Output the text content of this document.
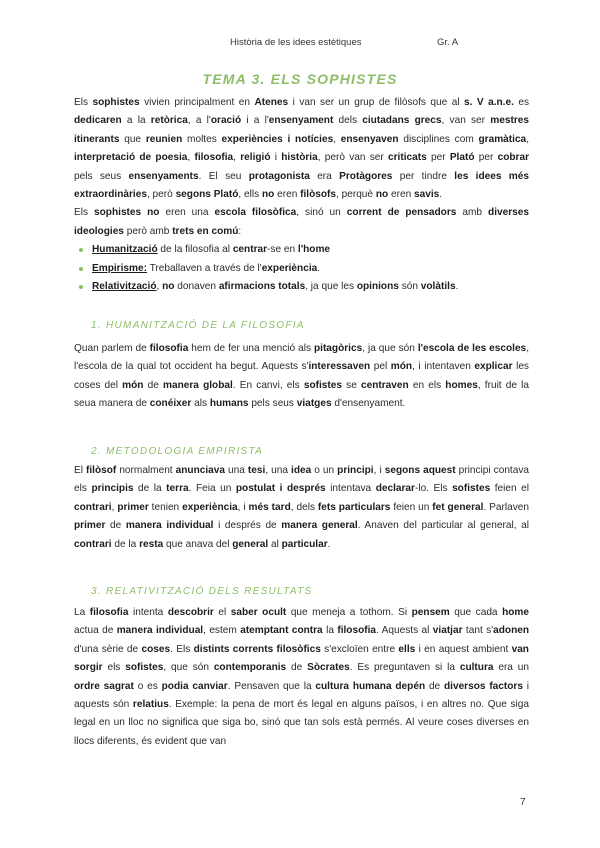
Història de les idees estètiques	Gr. A
TEMA 3. ELS SOPHISTES

Els sophistes vivien principalment en Atenes i van ser un grup de filòsofs que al s. V a.n.e. es dedicaren a la retòrica, a l'oració i a l'ensenyament dels ciutadans grecs, van ser mestres itinerants que reunien moltes experiències i notícies, ensenyaven disciplines com gramàtica, interpretació de poesia, filosofia, religió i història, però van ser criticats per Plató per cobrar pels seus ensenyaments. El seu protagonista era Protàgores per tindre les idees més extraordinàries, però segons Plató, ells no eren filòsofs, perquè no eren savis.

Els sophistes no eren una escola filosòfica, sinó un corrent de pensadors amb diverses ideologies però amb trets en comú:

Humanització de la filosofia al centrar-se en l'home
Empirisme: Treballaven a través de l'experiència.
Relativització, no donaven afirmacions totals, ja que les opinions són volàtils.
1. HUMANITZACIÓ DE LA FILOSOFIA

Quan parlem de filosofia hem de fer una menció als pitagòrics, ja que són l'escola de les escoles, l'escola de la qual tot occident ha begut. Aquests s'interessaven pel món, i intentaven explicar les coses del món de manera global. En canvi, els sofistes se centraven en els homes, fruit de la seua manera de conéixer als humans pels seus viatges d'ensenyament.

2. METODOLOGIA EMPIRISTA

El filòsof normalment anunciava una tesi, una idea o un principi, i segons aquest principi contava els principis de la terra. Feia un postulat i després intentava declarar-lo. Els sofistes feien el contrari, primer tenien experiència, i més tard, dels fets particulars feien un fet general. Parlaven primer de manera individual i després de manera general. Anaven del particular al general, al contrari de la resta que anava del general al particular.

3. RELATIVITZACIÓ DELS RESULTATS

La filosofia intenta descobrir el saber ocult que meneja a tothom. Si pensem que cada home actua de manera individual, estem atemptant contra la filosofia. Aquests al viatjar tant s'adonen d'una sèrie de coses. Els distints corrents filosòfics s'excloïen entre ells i en aquest ambient van sorgir els sofistes, que són contemporanis de Sòcrates. Es preguntaven si la cultura era un ordre sagrat o es podia canviar. Pensaven que la cultura humana depén de diversos factors i aquests són relatius. Exemple: la pena de mort és legal en alguns països, i en altres no. Que siga legal en un lloc no significa que siga bo, sinó que tan sols està permés. Al veure coses diverses en llocs diferents, és evident que van

7
